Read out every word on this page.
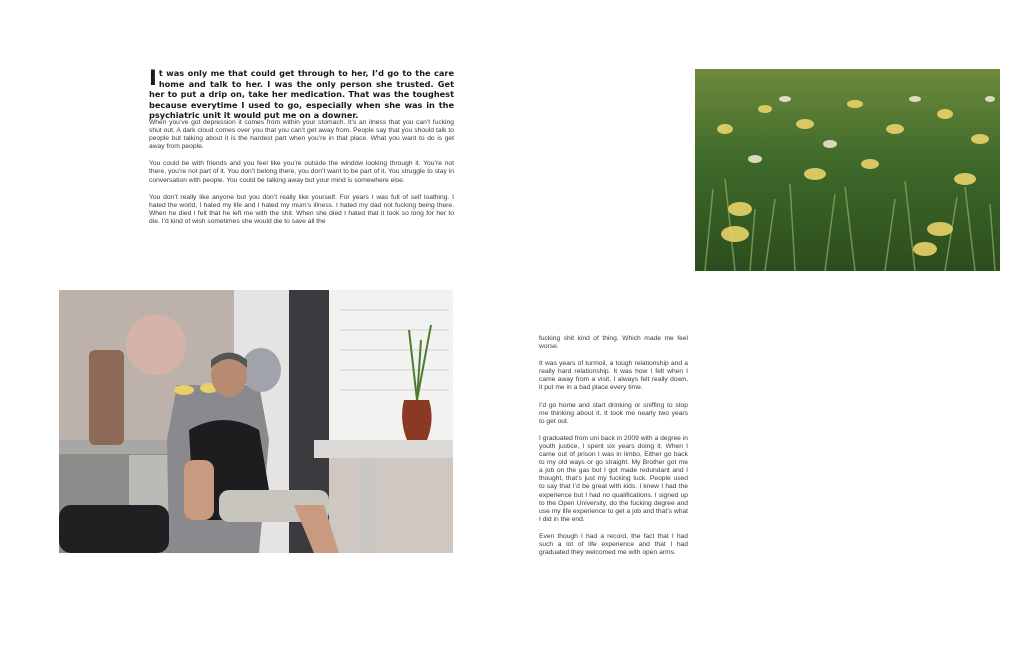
It was only me that could get through to her, I’d go to the care home and talk to her. I was the only person she trusted. Get her to put a drip on, take her medication. That was the toughest because everytime I used to go, especially when she was in the psychiatric unit it would put me on a downer.

When you’ve got depression it comes from within your stomach. It’s an ilness that you can’t fucking shut out. A dark cloud comes over you that you can’t get away from. People say that you should talk to people but talking about it is the hardest part when you’re in that place. What you want to do is get away from people.

You could be with friends and you feel like you’re outside the window looking through it. You’re not there, you’re not part of it. You don’t belong there, you don’t want to be part of it. You struggle to stay in conversation with people. You could be talking away but your mind is somewhere else.

You don’t really like anyone but you don’t really like yourself. For years I was full of self loathing. I hated the world, I hated my life and I hated my mum’s illness. I hated my dad not fucking being there. When he died I felt that he left me with the shit. When she died I hated that it took so long for her to die. I’d kind of wish sometimes she would die to save all the

fucking shit kind of thing. Which made me feel worse.

It was years of turmoil, a tough relationship and a really hard relationship. It was how I felt when I came away from a visit, I always felt really down, it put me in a bad place every time.

I’d go home and start drinking or sniffing to stop me thinking about it. It took me nearly two years to get out.

I graduated from uni back in 2009 with a degree in youth justice, I spent six years doing it. When I came out of prison I was in limbo, Either go back to my old ways or go straight. My Brother got me a job on the gas but I got made redundant and I thought, that’s just my fucking luck. People used to say that I’d be great with kids. I knew I had the experience but I had no qualifications. I signed up to the Open University, do the fucking degree and use my life experience to get a job and that’s what I did in the end.

Even though I had a record, the fact that I had such a lot of life experience and that I had graduated they welcomed me with open arms.
